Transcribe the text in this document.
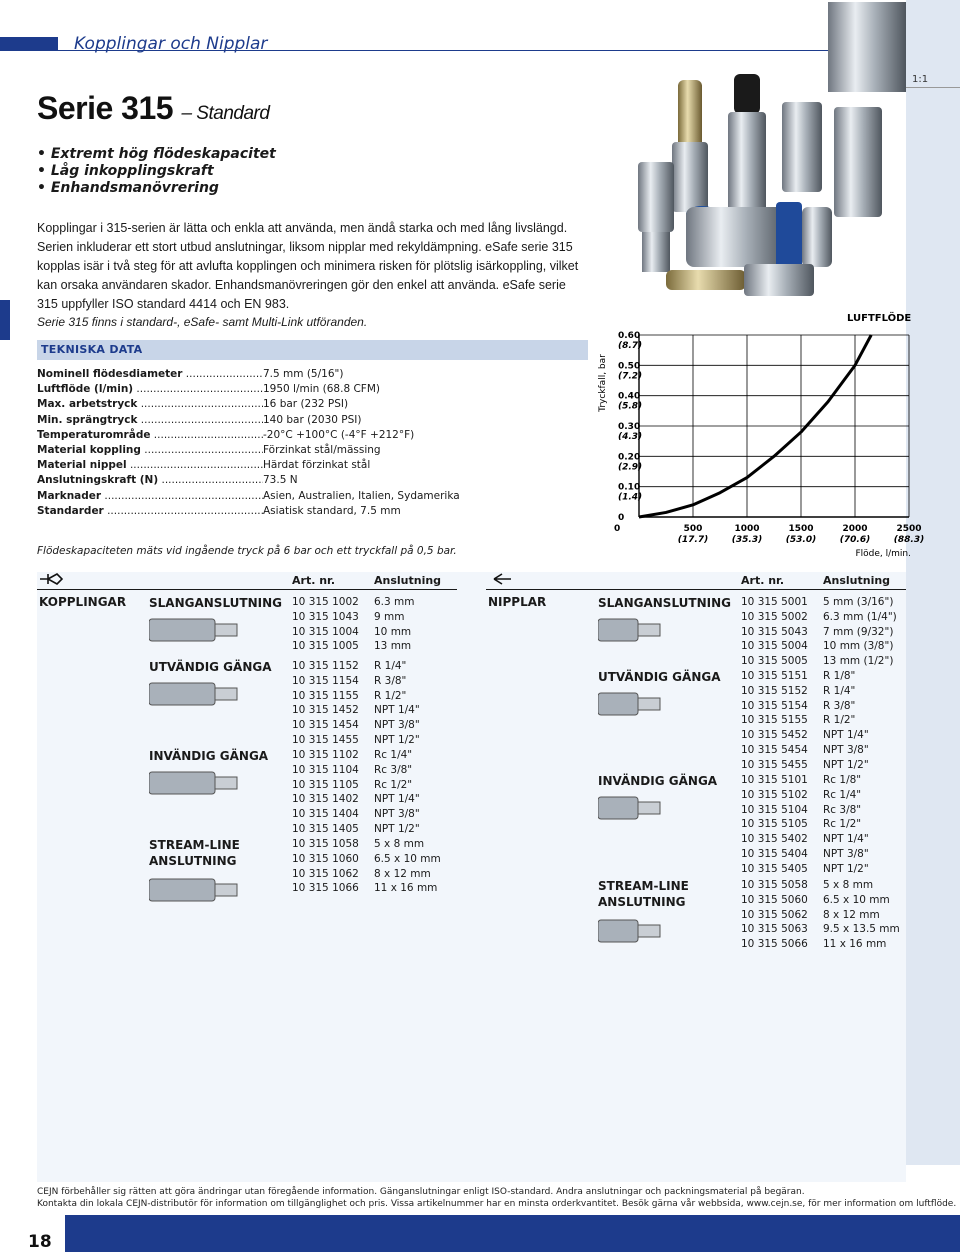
1:1
Kopplingar och Nipplar
Serie 315 – Standard
• Extremt hög flödeskapacitet
• Låg inkopplingskraft
• Enhandsmanövrering
Kopplingar i 315-serien är lätta och enkla att använda, men ändå starka och med lång livslängd. Serien inkluderar ett stort utbud anslutningar, liksom nipplar med rekyldämpning. eSafe serie 315 kopplas isär i två steg för att avlufta kopplingen och minimera risken för plötslig isärkoppling, vilket kan orsaka användaren skador. Enhandsmanövreringen gör den enkel att använda. eSafe serie 315 uppfyller ISO standard 4414 och EN 983.
Serie 315 finns i standard-, eSafe- samt Multi-Link utföranden.
TEKNISKA DATA
Nominell flödesdiameter .....	7.5 mm (5/16")
Luftflöde (l/min) .....	1950 l/min (68.8 CFM)
Max. arbetstryck .....	16 bar (232 PSI)
Min. sprängtryck .....	140 bar (2030 PSI)
Temperaturområde .....	-20°C +100°C (-4°F +212°F)
Material koppling .....	Förzinkat stål/mässing
Material nippel .....	Härdat förzinkat stål
Anslutningskraft (N) .....	73.5 N
Marknader .....	Asien, Australien, Italien, Sydamerika
Standarder .....	Asiatisk standard, 7.5 mm
Flödeskapaciteten mäts vid ingående tryck på 6 bar och ett tryckfall på 0,5 bar.
0.60
(8.7)
0.50
(7.2)
0.40
(5.8)
0.30
(4.3)
0.20
(2.9)
0.10
(1.4)
0
0	500
(17.7)
1000
(35.3)
1500
(53.0)
2000
(70.6)
2500
(88.3)
LUFTFLÖDE
Tryckfall, bar
Flöde, l/min.
Art. nr.	Anslutning
KOPPLINGAR SLANGANSLUTNING 10 315 1002	6.3 mm
10 315 1043	9 mm
10 315 1004	10 mm
10 315 1005	13 mm
UTVÄNDIG GÄNGA	10 315 1152	R 1/4"
10 315 1154	R 3/8"
10 315 1155	R 1/2"
10 315 1452	NPT 1/4"
10 315 1454	NPT 3/8"
10 315 1455	NPT 1/2"
INVÄNDIG GÄNGA	10 315 1102	Rc 1/4"
10 315 1104	Rc 3/8"
10 315 1105	Rc 1/2"
10 315 1402	NPT 1/4"
10 315 1404	NPT 3/8"
10 315 1405	NPT 1/2"
STREAM-LINE ANSLUTNING
10 315 1058	5 x 8 mm
10 315 1060	6.5 x 10 mm
10 315 1062	8 x 12 mm
10 315 1066	11 x 16 mm
Art. nr.	Anslutning
NIPPLAR	SLANGANSLUTNING 10 315 5001	5 mm (3/16")
10 315 5002	6.3 mm (1/4")
10 315 5043	7 mm (9/32")
10 315 5004	10 mm (3/8")
10 315 5005	13 mm (1/2")
UTVÄNDIG GÄNGA	10 315 5151	R 1/8"
10 315 5152	R 1/4"
10 315 5154	R 3/8"
10 315 5155	R 1/2"
10 315 5452	NPT 1/4"
10 315 5454	NPT 3/8"
10 315 5455	NPT 1/2"
INVÄNDIG GÄNGA	10 315 5101	Rc 1/8"
10 315 5102	Rc 1/4"
10 315 5104	Rc 3/8"
10 315 5105	Rc 1/2"
10 315 5402	NPT 1/4"
10 315 5404	NPT 3/8"
10 315 5405	NPT 1/2"
STREAM-LINE ANSLUTNING
10 315 5058	5 x 8 mm
10 315 5060	6.5 x 10 mm
10 315 5062	8 x 12 mm
10 315 5063	9.5 x 13.5 mm
10 315 5066	11 x 16 mm
CEJN förbehåller sig rätten att göra ändringar utan föregående information. Gänganslutningar enligt ISO-standard. Andra anslutningar och packningsmaterial på begäran.
Kontakta din lokala CEJN-distributör för information om tillgänglighet och pris. Vissa artikelnummer har en minsta orderkvantitet. Besök gärna vår webbsida, www.cejn.se, för mer information om luftflöde.
18
